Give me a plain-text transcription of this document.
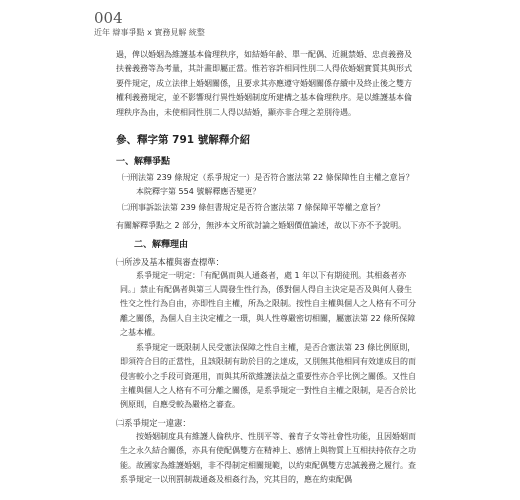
004
近年 辯事爭點 x 實務見解 統整

過，俾以婚姻為維護基本倫理秩序，如結婚年齡、單一配偶、近親禁婚、忠貞義務及扶養義務等為考量，其計畫即屬正當。惟若容許相同性別二人得依婚姻實質其與形式要件規定，成立法律上婚姻關係，且要求其亦應遵守婚姻關係存續中及終止後之雙方權利義務規定，並不影響現行異性婚姻制度所建構之基本倫理秩序。是以維護基本倫理秩序為由，未使相同性別二人得以結婚，顯亦非合理之差別待遇。

參、釋字第 791 號解釋介紹
一、解釋爭點

㈠刑法第 239 條規定（系爭規定一）是否符合憲法第 22 條保障性自主權之意旨？本院釋字第 554 號解釋應否變更？

㈡刑事訴訟法第 239 條但書規定是否符合憲法第 7 條保障平等權之意旨？

有關解釋爭點之 2 部分，無涉本文所欲討論之婚姻價值論述，故以下亦不予說明。

二、解釋理由

㈠所涉及基本權與審查標準：

系爭規定一明定：「有配偶而與人通姦者，處 1 年以下有期徒刑。其相姦者亦同。」禁止有配偶者與第三人間發生性行為，係對個人得自主決定是否及與何人發生性交之性行為自由，亦即性自主權，所為之限制。按性自主權與個人之人格有不可分離之關係，為個人自主決定權之一環，與人性尊嚴密切相關，屬憲法第 22 條所保障之基本權。

系爭規定一既限制人民受憲法保障之性自主權，是否合憲法第 23 條比例原則，即須符合目的正當性，且該限制有助於目的之達成，又別無其他相同有效達成目的而侵害較小之手段可資運用，而與其所欲維護法益之重要性亦合乎比例之關係。又性自主權與個人之人格有不可分離之關係，是系爭規定一對性自主權之限制，是否合於比例原則，自應受較為嚴格之審查。

㈡系爭規定一違憲：

按婚姻制度具有維護人倫秩序、性別平等、養育子女等社會性功能，且因婚姻而生之永久結合關係，亦具有使配偶雙方在精神上、感情上與物質上互相扶持依存之功能。故國家為維護婚姻，非不得制定相關規範，以約束配偶雙方忠誠義務之履行。查系爭規定一以刑罰制裁通姦及相姦行為，究其目的，應在約束配偶
